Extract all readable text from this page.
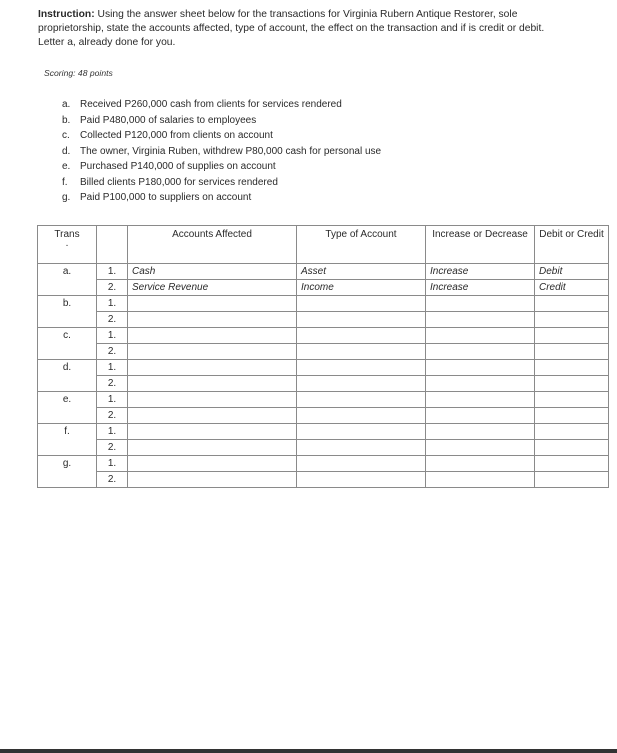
Instruction: Using the answer sheet below for the transactions for Virginia Rubern Antique Restorer, sole proprietorship, state the accounts affected, type of account, the effect on the transaction and if is credit or debit. Letter a, already done for you.
Scoring: 48 points
a. Received P260,000 cash from clients for services rendered
b. Paid P480,000 of salaries to employees
c.	Collected P120,000 from clients on account
d. The owner, Virginia Ruben, withdrew P80,000 cash for personal use
e. Purchased P140,000 of supplies on account
f.	Billed clients P180,000 for services rendered
g. Paid P100,000 to suppliers on account
Trans
.		Accounts Affected	Type of Account	Increase or Decrease	Debit or Credit
a.	1.	Cash	Asset	Increase	Debit
	2.	Service Revenue	Income	Increase	Credit
b.	1.				
	2.				
c.	1.				
	2.				
d.	1.				
	2.				
e.	1.				
	2.				
f.	1.				
	2.				
g.	1.				
	2.				
